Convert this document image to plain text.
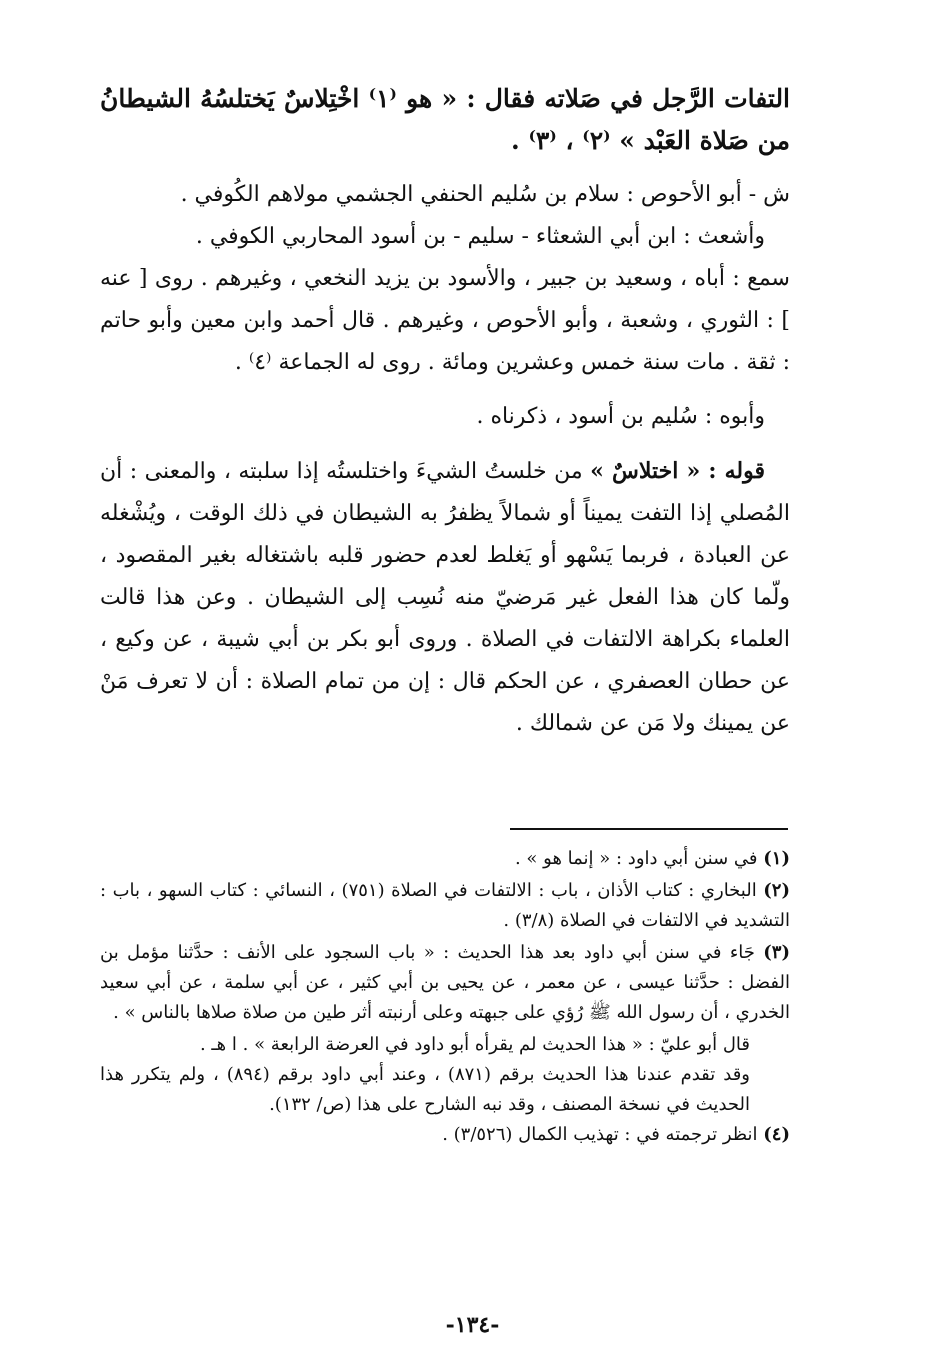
التفات الرَّجل في صَلاته فقال : « هو ⁽١⁾ اخْتِلاسٌ يَختلسُهُ الشيطانُ من صَلاة العَبْد » ⁽٢⁾ ، ⁽٣⁾ .

ش - أبو الأحوص : سلام بن سُليم الحنفي الجشمي مولاهم الكُوفي .

وأشعث : ابن أبي الشعثاء - سليم - بن أسود المحاربي الكوفي .

سمع : أباه ، وسعيد بن جبير ، والأسود بن يزيد النخعي ، وغيرهم . روى [ عنه ] : الثوري ، وشعبة ، وأبو الأحوص ، وغيرهم . قال أحمد وابن معين وأبو حاتم : ثقة . مات سنة خمس وعشرين ومائة . روى له الجماعة ⁽٤⁾ .

وأبوه : سُليم بن أسود ، ذكرناه .

قوله : « اختلاسٌ » من خلستُ الشيءَ واختلستُه إذا سلبته ، والمعنى : أن المُصلي إذا التفت يميناً أو شمالاً يظفرُ به الشيطان في ذلك الوقت ، ويُشْغله عن العبادة ، فربما يَسْهو أو يَغلط لعدم حضور قلبه باشتغاله بغير المقصود ، ولّما كان هذا الفعل غير مَرضيّ منه نُسِب إلى الشيطان . وعن هذا قالت العلماء بكراهة الالتفات في الصلاة . وروى أبو بكر بن أبي شيبة ، عن وكيع ، عن حطان العصفري ، عن الحكم قال : إن من تمام الصلاة : أن لا تعرف مَنْ عن يمينك ولا مَن عن شمالك .

(١) في سنن أبي داود : « إنما هو » .

(٢) البخاري : كتاب الأذان ، باب : الالتفات في الصلاة (٧٥١) ، النسائي : كتاب السهو ، باب : التشديد في الالتفات في الصلاة (٣/٨) .

(٣) جَاء في سنن أبي داود بعد هذا الحديث : « باب السجود على الأنف : حدَّثنا مؤمل بن الفضل : حدَّثنا عيسى ، عن معمر ، عن يحيى بن أبي كثير ، عن أبي سلمة ، عن أبي سعيد الخدري ، أن رسول الله ﷺ رُؤي على جبهته وعلى أرنبته أثر طين من صلاة صلاها بالناس » .

قال أبو عليّ : « هذا الحديث لم يقرأه أبو داود في العرضة الرابعة » . ا هـ .

وقد تقدم عندنا هذا الحديث برقم (٨٧١) ، وعند أبي داود برقم (٨٩٤) ، ولم يتكرر هذا الحديث في نسخة المصنف ، وقد نبه الشارح على هذا (ص/ ١٣٢).

(٤) انظر ترجمته في : تهذيب الكمال (٣/٥٢٦) .

-١٣٤-
